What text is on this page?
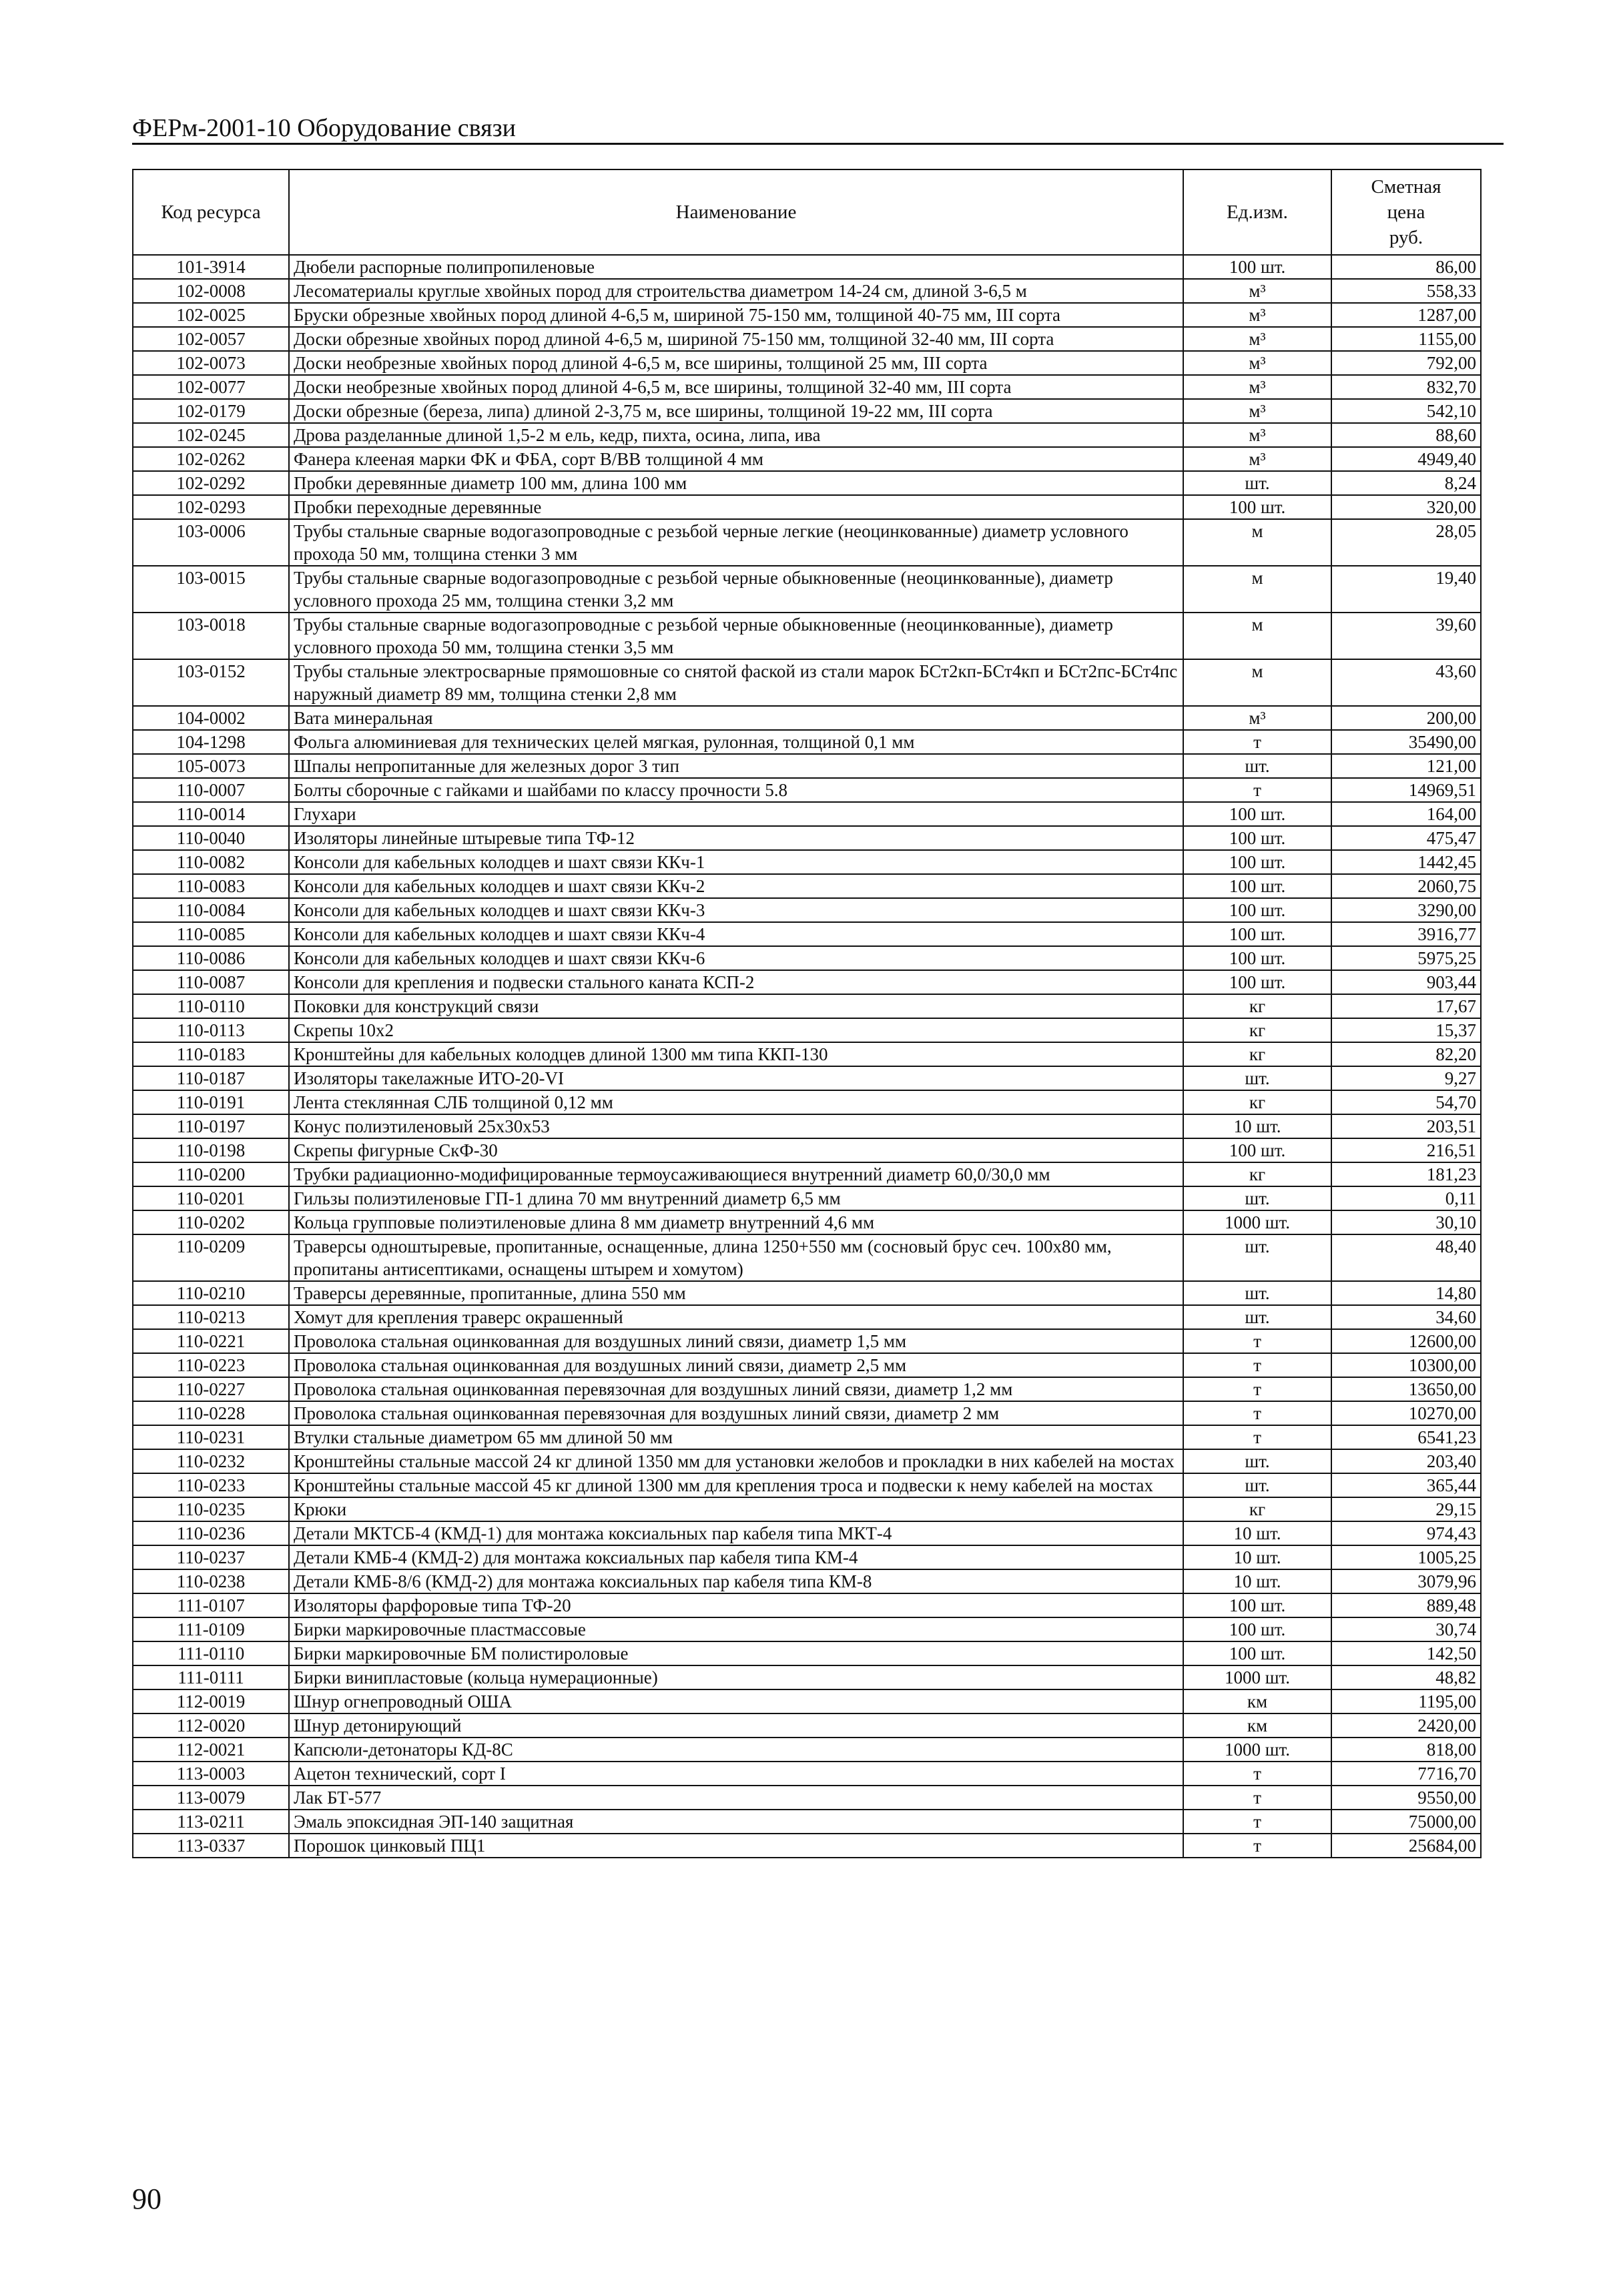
ФЕРм-2001-10 Оборудование связи
Код ресурса	Наименование	Ед.изм.	Сметная
цена
руб.
101-3914	Дюбели распорные полипропиленовые	100 шт.	86,00
102-0008	Лесоматериалы круглые хвойных пород для строительства диаметром 14-24 см, длиной 3-6,5 м	м³	558,33
102-0025	Бруски обрезные хвойных пород длиной 4-6,5 м, шириной 75-150 мм, толщиной 40-75 мм, III сорта	м³	1287,00
102-0057	Доски обрезные хвойных пород длиной 4-6,5 м, шириной 75-150 мм, толщиной 32-40 мм, III сорта	м³	1155,00
102-0073	Доски необрезные хвойных пород длиной 4-6,5 м, все ширины, толщиной 25 мм, III сорта	м³	792,00
102-0077	Доски необрезные хвойных пород длиной 4-6,5 м, все ширины, толщиной 32-40 мм, III сорта	м³	832,70
102-0179	Доски обрезные (береза, липа) длиной 2-3,75 м, все ширины, толщиной 19-22 мм, III сорта	м³	542,10
102-0245	Дрова разделанные длиной 1,5-2 м ель, кедр, пихта, осина, липа, ива	м³	88,60
102-0262	Фанера клееная марки ФК и ФБА, сорт В/ВВ толщиной 4 мм	м³	4949,40
102-0292	Пробки деревянные диаметр 100 мм, длина 100 мм	шт.	8,24
102-0293	Пробки переходные деревянные	100 шт.	320,00
103-0006	Трубы стальные сварные водогазопроводные с резьбой черные легкие (неоцинкованные) диаметр условного прохода 50 мм, толщина стенки 3 мм	м	28,05
103-0015	Трубы стальные сварные водогазопроводные с резьбой черные обыкновенные (неоцинкованные), диаметр условного прохода 25 мм, толщина стенки 3,2 мм	м	19,40
103-0018	Трубы стальные сварные водогазопроводные с резьбой черные обыкновенные (неоцинкованные), диаметр условного прохода 50 мм, толщина стенки 3,5 мм	м	39,60
103-0152	Трубы стальные электросварные прямошовные со снятой фаской из стали марок БСт2кп-БСт4кп и БСт2пс-БСт4пс наружный диаметр 89 мм, толщина стенки 2,8 мм	м	43,60
104-0002	Вата минеральная	м³	200,00
104-1298	Фольга алюминиевая для технических целей мягкая, рулонная, толщиной 0,1 мм	т	35490,00
105-0073	Шпалы непропитанные для железных дорог 3 тип	шт.	121,00
110-0007	Болты сборочные с гайками и шайбами по классу прочности 5.8	т	14969,51
110-0014	Глухари	100 шт.	164,00
110-0040	Изоляторы линейные штыревые типа ТФ-12	100 шт.	475,47
110-0082	Консоли для кабельных колодцев и шахт связи ККч-1	100 шт.	1442,45
110-0083	Консоли для кабельных колодцев и шахт связи ККч-2	100 шт.	2060,75
110-0084	Консоли для кабельных колодцев и шахт связи ККч-3	100 шт.	3290,00
110-0085	Консоли для кабельных колодцев и шахт связи ККч-4	100 шт.	3916,77
110-0086	Консоли для кабельных колодцев и шахт связи ККч-6	100 шт.	5975,25
110-0087	Консоли для крепления и подвески стального каната КСП-2	100 шт.	903,44
110-0110	Поковки для конструкций связи	кг	17,67
110-0113	Скрепы 10х2	кг	15,37
110-0183	Кронштейны для кабельных колодцев длиной 1300 мм типа ККП-130	кг	82,20
110-0187	Изоляторы такелажные ИТО-20-VI	шт.	9,27
110-0191	Лента стеклянная СЛБ толщиной 0,12 мм	кг	54,70
110-0197	Конус полиэтиленовый 25х30х53	10 шт.	203,51
110-0198	Скрепы фигурные СкФ-30	100 шт.	216,51
110-0200	Трубки радиационно-модифицированные термоусаживающиеся внутренний диаметр 60,0/30,0 мм	кг	181,23
110-0201	Гильзы полиэтиленовые ГП-1 длина 70 мм внутренний диаметр 6,5 мм	шт.	0,11
110-0202	Кольца групповые полиэтиленовые длина 8 мм диаметр внутренний 4,6 мм	1000 шт.	30,10
110-0209	Траверсы одноштыревые, пропитанные, оснащенные, длина 1250+550 мм (сосновый брус сеч. 100х80 мм, пропитаны антисептиками, оснащены штырем и хомутом)	шт.	48,40
110-0210	Траверсы деревянные, пропитанные, длина 550 мм	шт.	14,80
110-0213	Хомут для крепления траверс окрашенный	шт.	34,60
110-0221	Проволока стальная оцинкованная для воздушных линий связи, диаметр 1,5 мм	т	12600,00
110-0223	Проволока стальная оцинкованная для воздушных линий связи, диаметр 2,5 мм	т	10300,00
110-0227	Проволока стальная оцинкованная перевязочная для воздушных линий связи, диаметр 1,2 мм	т	13650,00
110-0228	Проволока стальная оцинкованная перевязочная для воздушных линий связи, диаметр 2 мм	т	10270,00
110-0231	Втулки стальные диаметром 65 мм длиной 50 мм	т	6541,23
110-0232	Кронштейны стальные массой 24 кг длиной 1350 мм для установки желобов и прокладки в них кабелей на мостах	шт.	203,40
110-0233	Кронштейны стальные массой 45 кг длиной 1300 мм для крепления троса и подвески к нему кабелей на мостах	шт.	365,44
110-0235	Крюки	кг	29,15
110-0236	Детали МКТСБ-4 (КМД-1) для монтажа коксиальных пар кабеля типа МКТ-4	10 шт.	974,43
110-0237	Детали КМБ-4 (КМД-2) для монтажа коксиальных пар кабеля типа КМ-4	10 шт.	1005,25
110-0238	Детали КМБ-8/6 (КМД-2) для монтажа коксиальных пар кабеля типа КМ-8	10 шт.	3079,96
111-0107	Изоляторы фарфоровые типа ТФ-20	100 шт.	889,48
111-0109	Бирки маркировочные пластмассовые	100 шт.	30,74
111-0110	Бирки маркировочные БМ полистироловые	100 шт.	142,50
111-0111	Бирки винипластовые (кольца нумерационные)	1000 шт.	48,82
112-0019	Шнур огнепроводный ОША	км	1195,00
112-0020	Шнур детонирующий	км	2420,00
112-0021	Капсюли-детонаторы КД-8С	1000 шт.	818,00
113-0003	Ацетон технический, сорт I	т	7716,70
113-0079	Лак БТ-577	т	9550,00
113-0211	Эмаль эпоксидная ЭП-140 защитная	т	75000,00
113-0337	Порошок цинковый ПЦ1	т	25684,00
90
